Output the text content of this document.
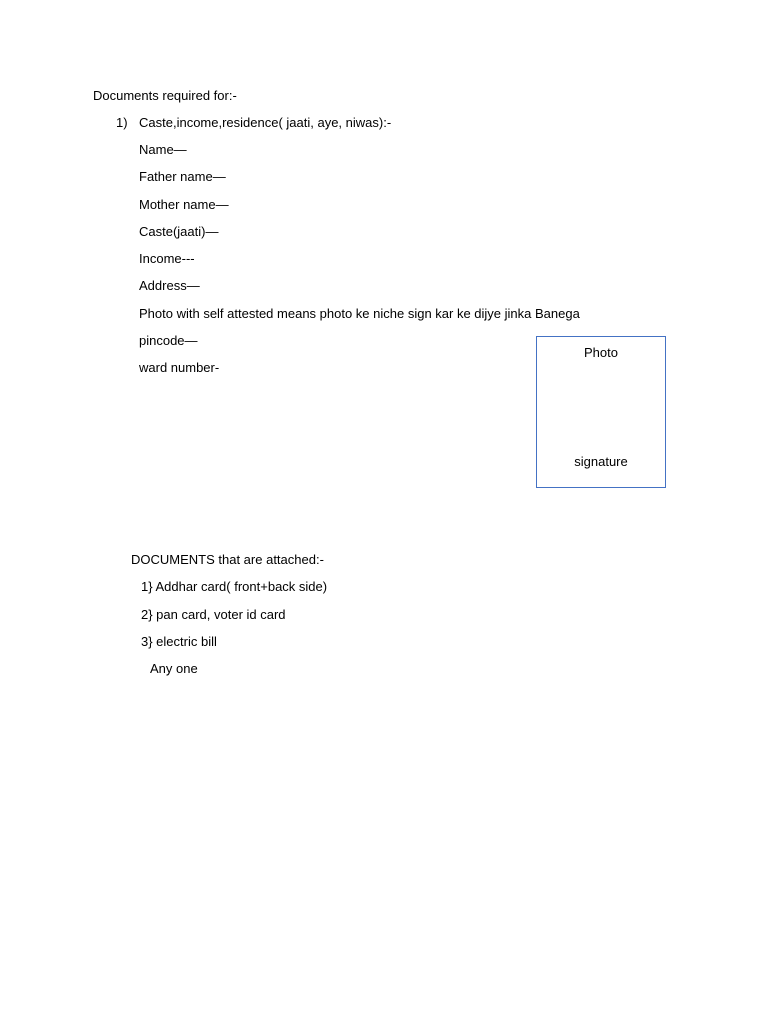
Documents required for:-
1) Caste,income,residence( jaati, aye, niwas):-
Name—
Father name—
Mother name—
Caste(jaati)—
Income---
Address—
Photo with self attested means photo ke niche sign kar ke dijye jinka Banega
pincode—
ward number-
Photo
signature
DOCUMENTS that are attached:-
1} Addhar card( front+back side)
2} pan card, voter id card
3} electric bill
Any one
